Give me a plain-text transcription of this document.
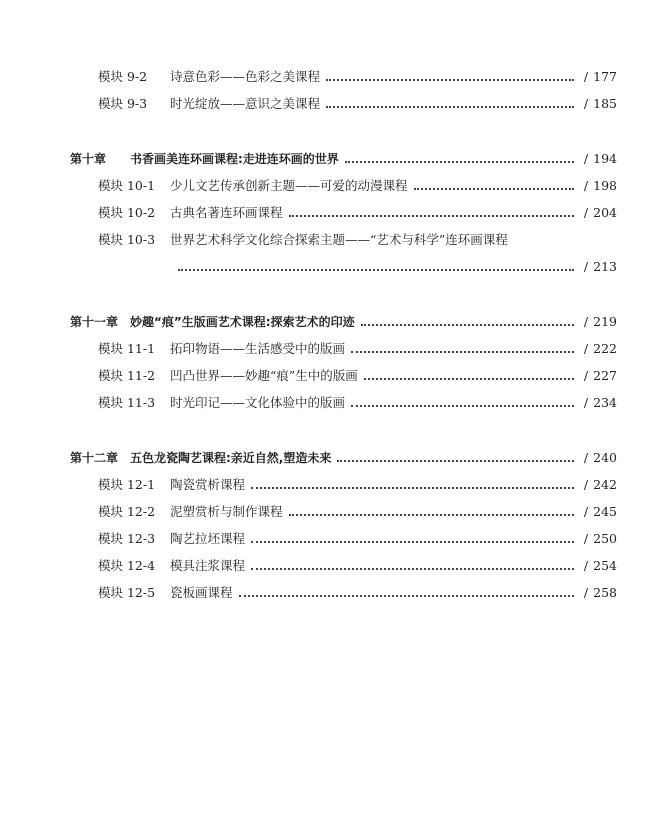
模块 9-2	诗意色彩——色彩之美课程	/ 177
模块 9-3	时光绽放——意识之美课程	/ 185
第十章	书香画美连环画课程:走进连环画的世界	/ 194
模块 10-1	少儿文艺传承创新主题——可爱的动漫课程	/ 198
模块 10-2	古典名著连环画课程	/ 204
模块 10-3	世界艺术科学文化综合探索主题——“艺术与科学”连环画课程
/ 213
第十一章 妙趣“痕”生版画艺术课程:探索艺术的印迹	/ 219
模块 11-1	拓印物语——生活感受中的版画	/ 222
模块 11-2	凹凸世界——妙趣“痕”生中的版画	/ 227
模块 11-3	时光印记——文化体验中的版画	/ 234
第十二章 五色龙瓷陶艺课程:亲近自然,塑造未来	/ 240
模块 12-1	陶瓷赏析课程	/ 242
模块 12-2	泥塑赏析与制作课程	/ 245
模块 12-3	陶艺拉坯课程	/ 250
模块 12-4	模具注浆课程	/ 254
模块 12-5	瓷板画课程	/ 258
